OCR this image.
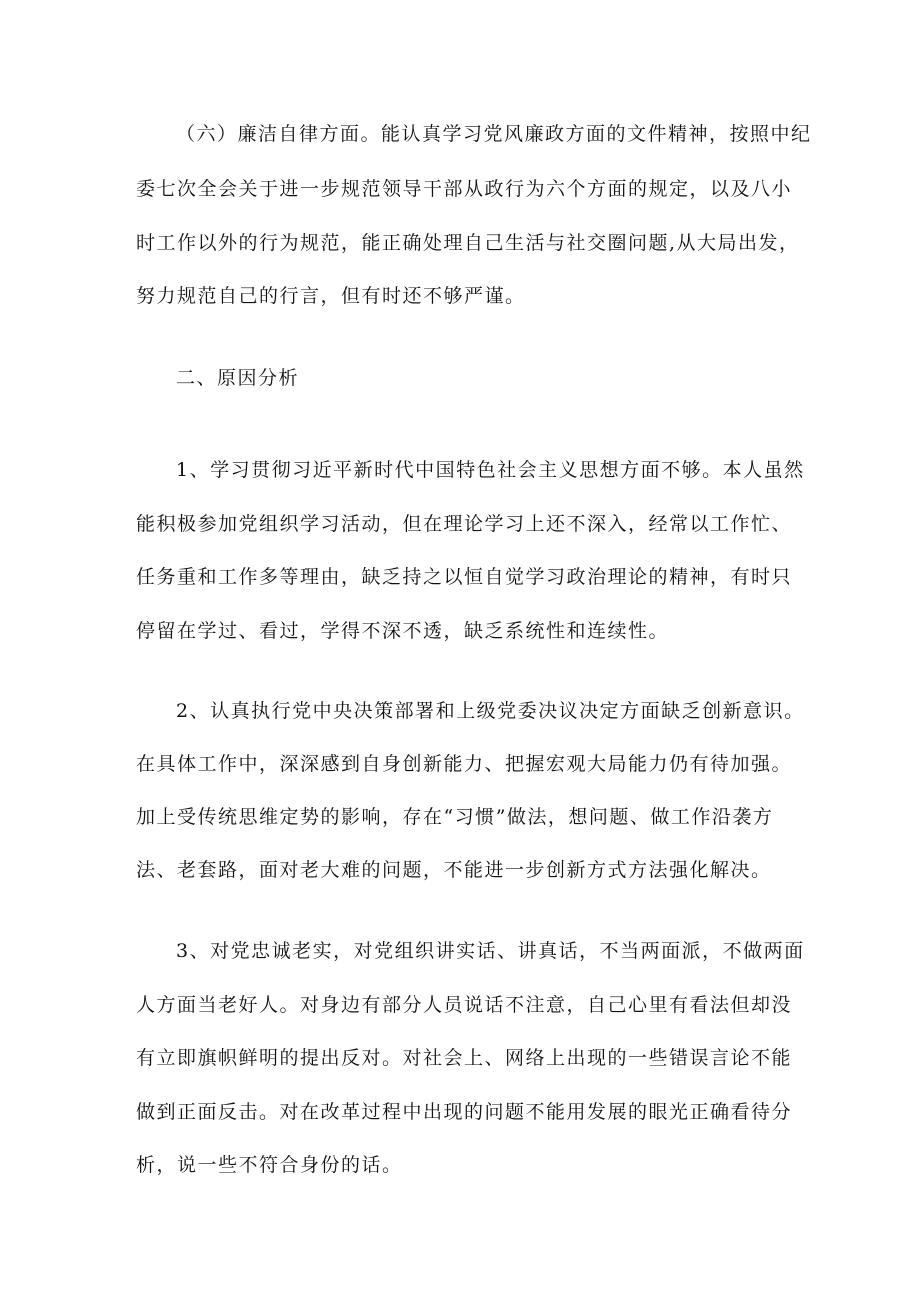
（六）廉洁自律方面。能认真学习党风廉政方面的文件精神，按照中纪
委七次全会关于进一步规范领导干部从政行为六个方面的规定，以及八小
时工作以外的行为规范，能正确处理自己生活与社交圈问题,从大局出发，
努力规范自己的行言，但有时还不够严谨。
二、原因分析
1、学习贯彻习近平新时代中国特色社会主义思想方面不够。本人虽然
能积极参加党组织学习活动，但在理论学习上还不深入，经常以工作忙、
任务重和工作多等理由，缺乏持之以恒自觉学习政治理论的精神，有时只
停留在学过、看过，学得不深不透，缺乏系统性和连续性。
2、认真执行党中央决策部署和上级党委决议决定方面缺乏创新意识。
在具体工作中，深深感到自身创新能力、把握宏观大局能力仍有待加强。
加上受传统思维定势的影响，存在“习惯”做法，想问题、做工作沿袭方
法、老套路，面对老大难的问题，不能进一步创新方式方法强化解决。
3、对党忠诚老实，对党组织讲实话、讲真话，不当两面派，不做两面
人方面当老好人。对身边有部分人员说话不注意，自己心里有看法但却没
有立即旗帜鲜明的提出反对。对社会上、网络上出现的一些错误言论不能
做到正面反击。对在改革过程中出现的问题不能用发展的眼光正确看待分
析，说一些不符合身份的话。
